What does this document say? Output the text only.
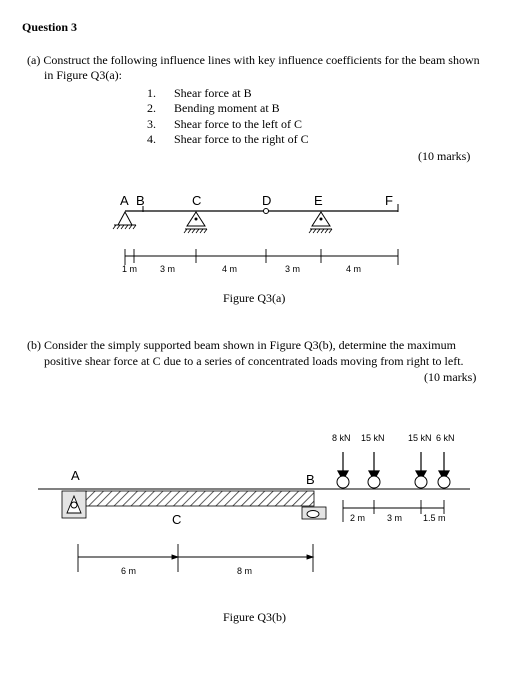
Question 3
(a) Construct the following influence lines with key influence coefficients for the beam shown
in Figure Q3(a):
1. Shear force at B
2. Bending moment at B
3. Shear force to the left of C
4. Shear force to the right of C
(10 marks)
Figure Q3(a)
(b) Consider the simply supported beam shown in Figure Q3(b), determine the maximum
positive shear force at C due to a series of concentrated loads moving from right to left.
(10 marks)
Figure Q3(b)
A B	C	D	E	F
1 m	3 m	4 m	3 m	4 m
A
C
B
8 kN 15 kN	15 kN 6 kN
2 m 3 m 1.5 m
6 m	8 m
